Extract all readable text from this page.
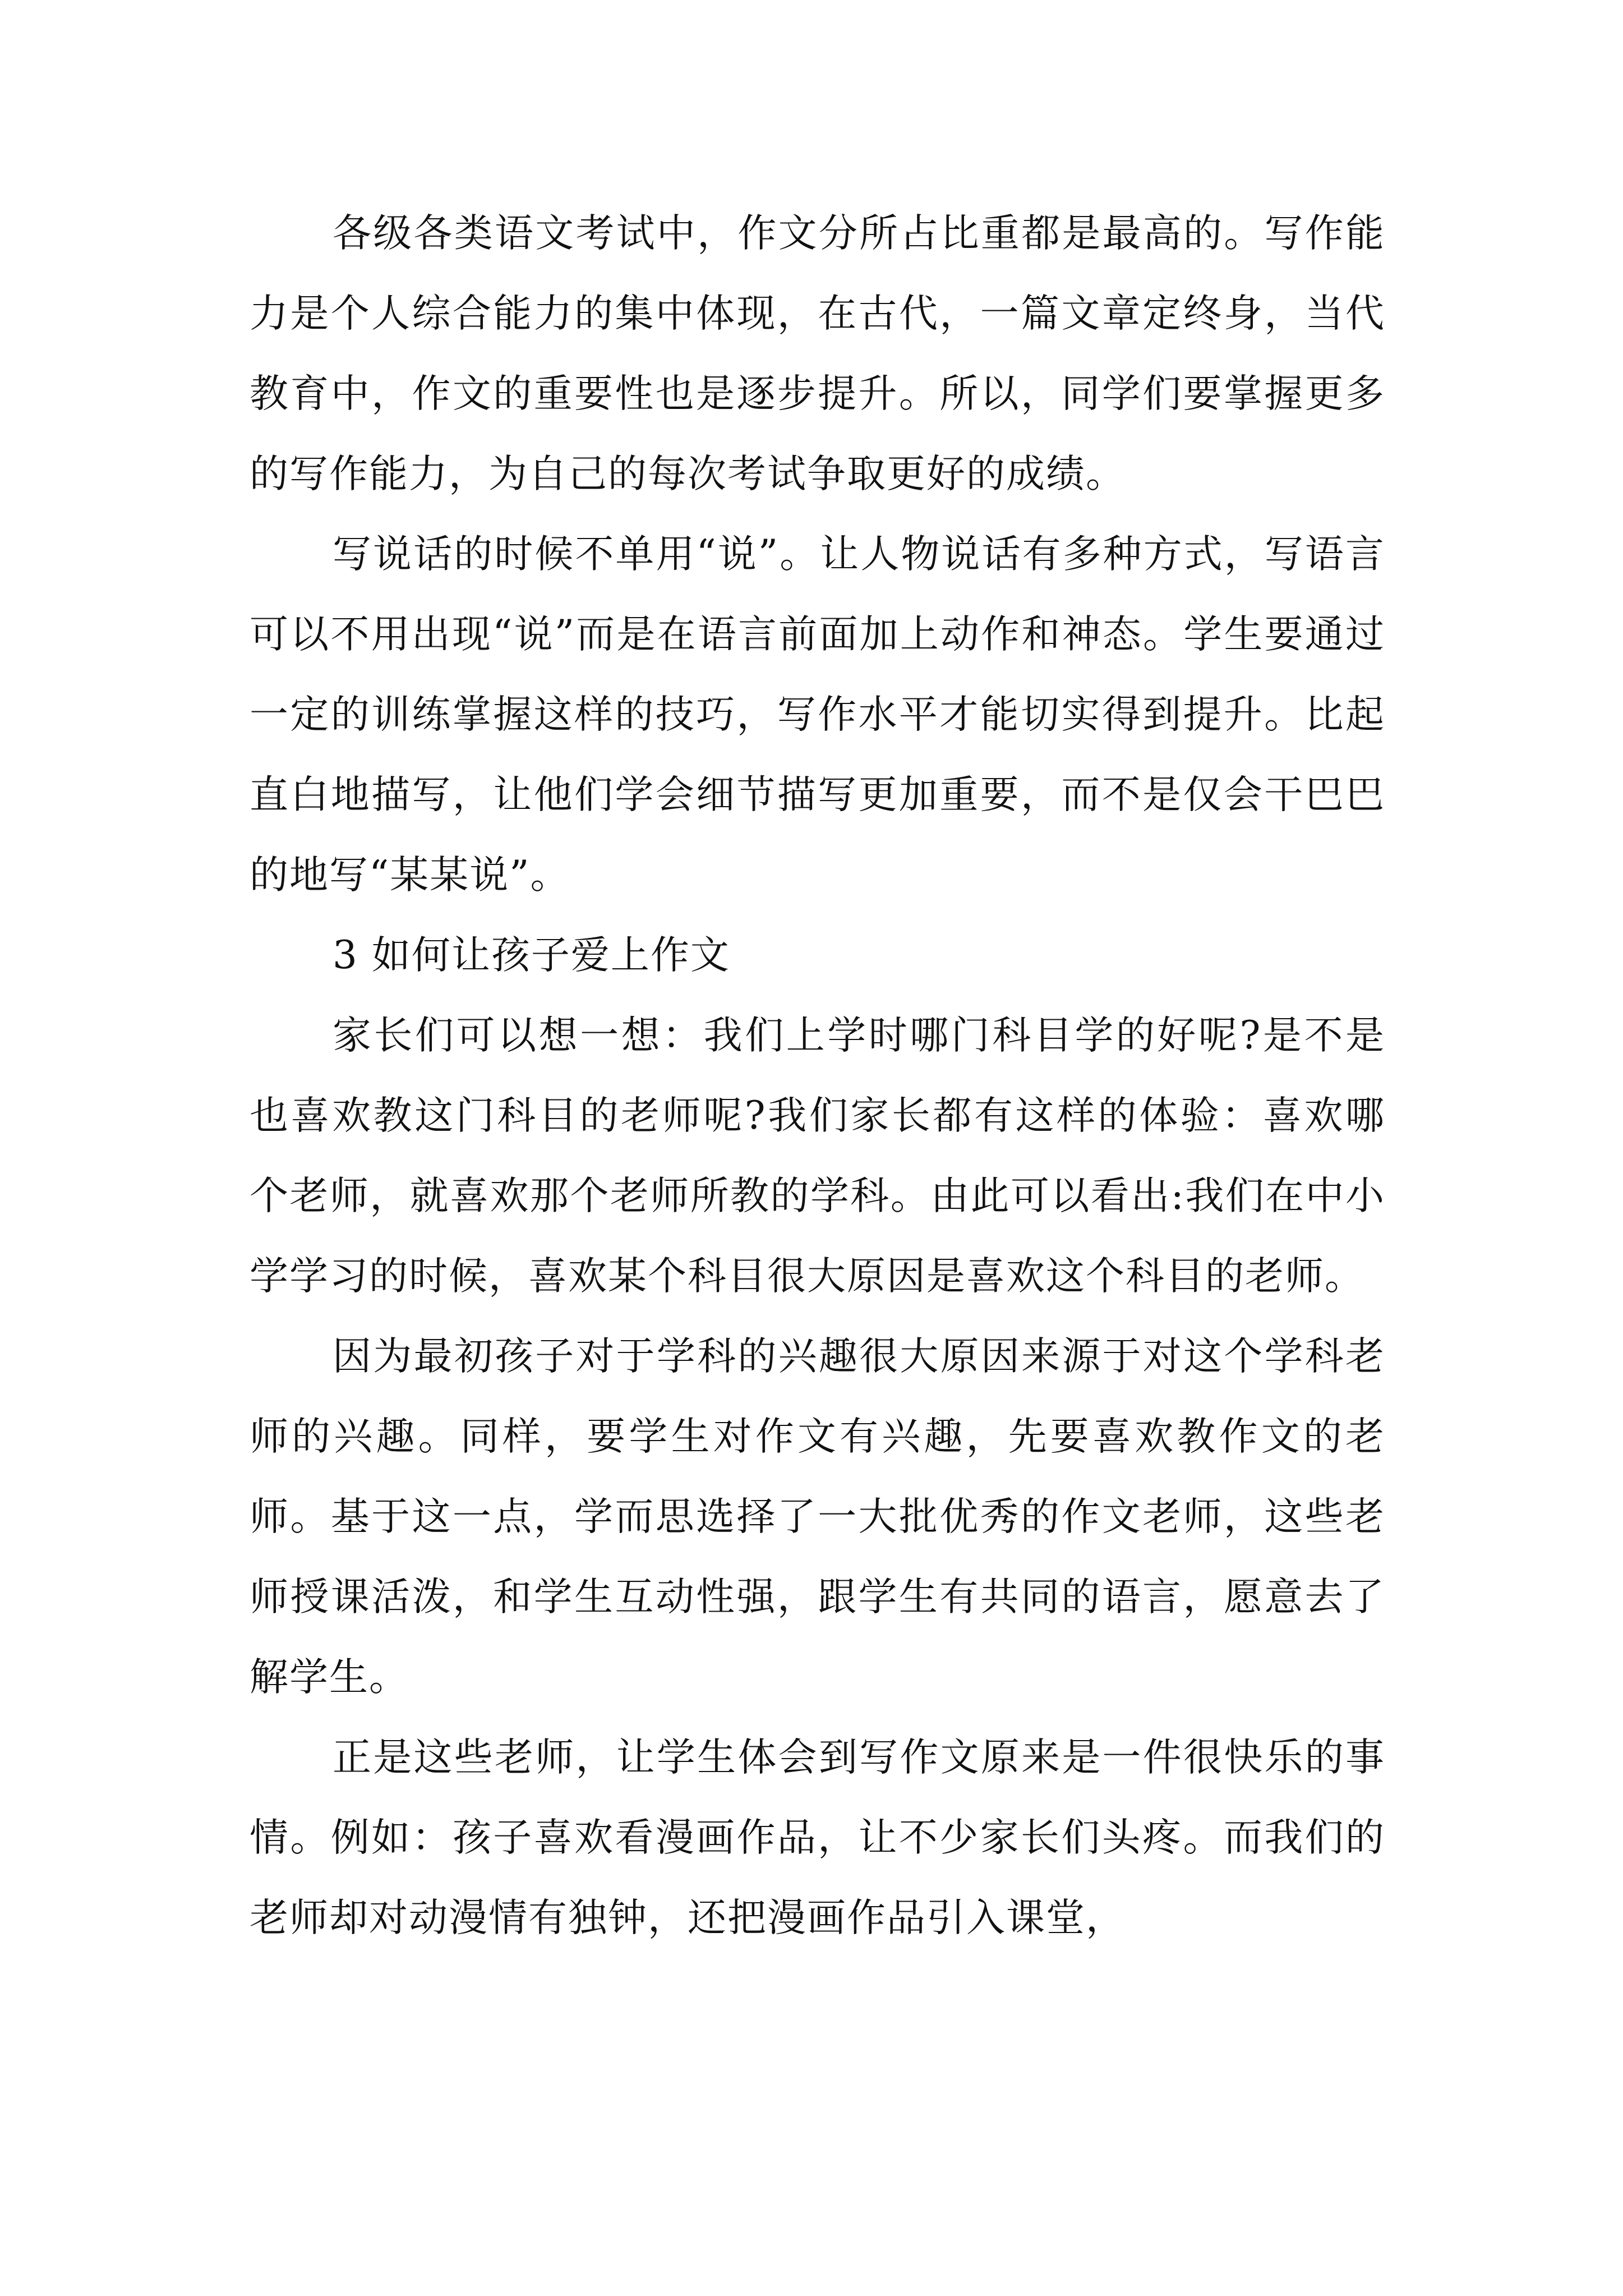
各级各类语文考试中，作文分所占比重都是最高的。写作能力是个人综合能力的集中体现，在古代，一篇文章定终身，当代教育中，作文的重要性也是逐步提升。所以，同学们要掌握更多的写作能力，为自己的每次考试争取更好的成绩。

写说话的时候不单用“说”。让人物说话有多种方式，写语言可以不用出现“说”而是在语言前面加上动作和神态。学生要通过一定的训练掌握这样的技巧，写作水平才能切实得到提升。比起直白地描写，让他们学会细节描写更加重要，而不是仅会干巴巴的地写“某某说”。

3 如何让孩子爱上作文

家长们可以想一想：我们上学时哪门科目学的好呢?是不是也喜欢教这门科目的老师呢?我们家长都有这样的体验：喜欢哪个老师，就喜欢那个老师所教的学科。由此可以看出:我们在中小学学习的时候，喜欢某个科目很大原因是喜欢这个科目的老师。

因为最初孩子对于学科的兴趣很大原因来源于对这个学科老师的兴趣。同样，要学生对作文有兴趣，先要喜欢教作文的老师。基于这一点，学而思选择了一大批优秀的作文老师，这些老师授课活泼，和学生互动性强，跟学生有共同的语言，愿意去了解学生。

正是这些老师，让学生体会到写作文原来是一件很快乐的事情。例如：孩子喜欢看漫画作品，让不少家长们头疼。而我们的老师却对动漫情有独钟，还把漫画作品引入课堂，
